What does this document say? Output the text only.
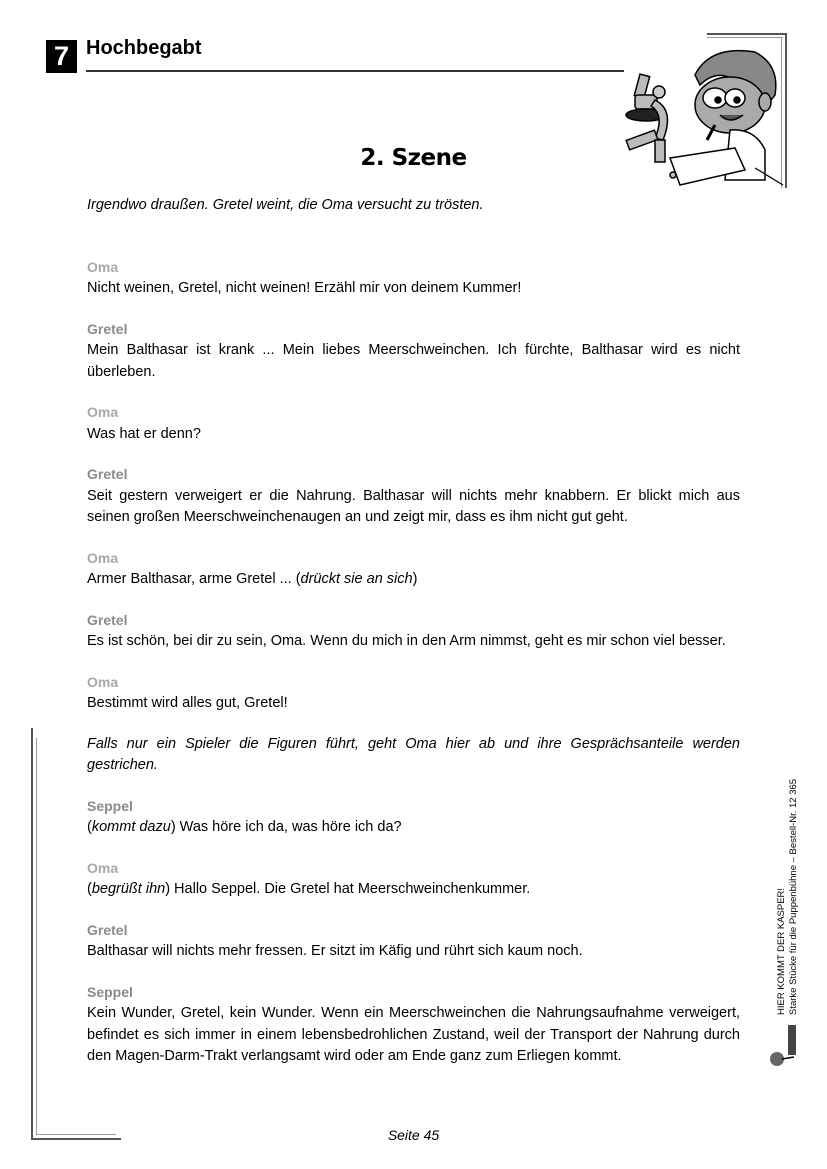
7 Hochbegabt
2. Szene
Irgendwo draußen. Gretel weint, die Oma versucht zu trösten.
Oma
Nicht weinen, Gretel, nicht weinen! Erzähl mir von deinem Kummer!
Gretel
Mein Balthasar ist krank ... Mein liebes Meerschweinchen. Ich fürchte, Balthasar wird es nicht überleben.
Oma
Was hat er denn?
Gretel
Seit gestern verweigert er die Nahrung. Balthasar will nichts mehr knabbern. Er blickt mich aus seinen großen Meerschweinchenaugen an und zeigt mir, dass es ihm nicht gut geht.
Oma
Armer Balthasar, arme Gretel ... (drückt sie an sich)
Gretel
Es ist schön, bei dir zu sein, Oma. Wenn du mich in den Arm nimmst, geht es mir schon viel besser.
Oma
Bestimmt wird alles gut, Gretel!
Falls nur ein Spieler die Figuren führt, geht Oma hier ab und ihre Gesprächsanteile werden gestrichen.
Seppel
(kommt dazu) Was höre ich da, was höre ich da?
Oma
(begrüßt ihn) Hallo Seppel. Die Gretel hat Meerschweinchenkummer.
Gretel
Balthasar will nichts mehr fressen. Er sitzt im Käfig und rührt sich kaum noch.
Seppel
Kein Wunder, Gretel, kein Wunder. Wenn ein Meerschweinchen die Nahrungsaufnahme verweigert, befindet es sich immer in einem lebensbedrohlichen Zustand, weil der Transport der Nahrung durch den Magen-Darm-Trakt verlangsamt wird oder am Ende ganz zum Erliegen kommt.
HIER KOMMT DER KASPER! Starke Stücke für die Puppenbühne – Bestell-Nr. 12 365
Seite 45
